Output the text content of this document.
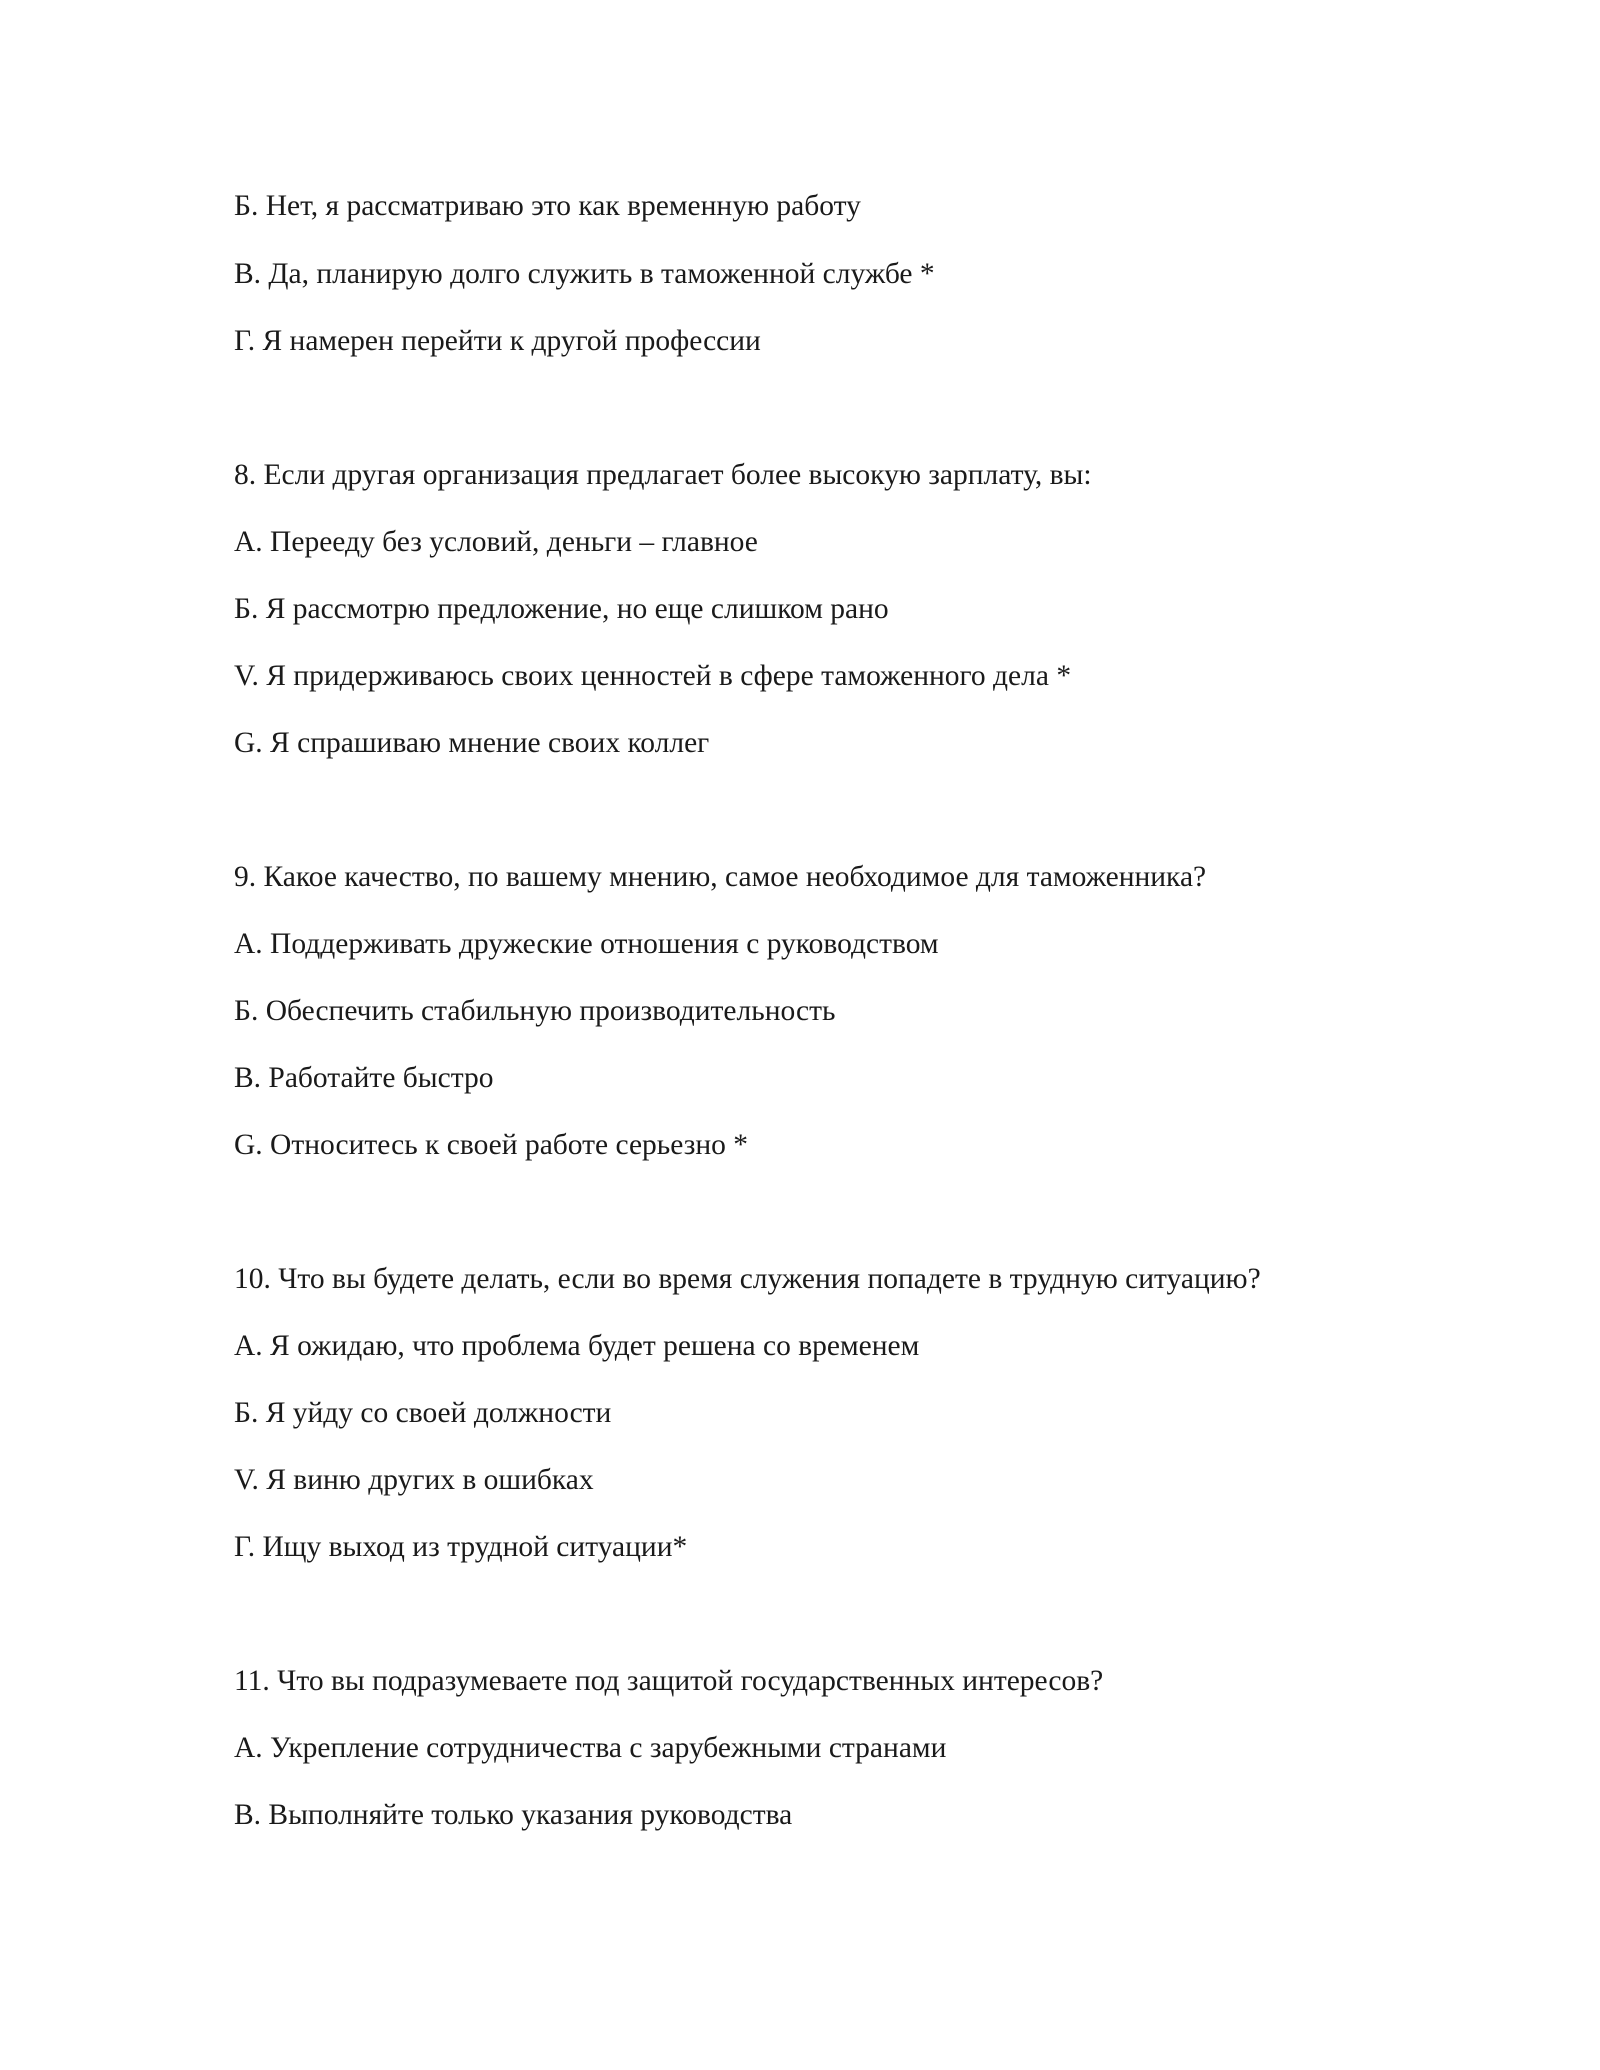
Б. Нет, я рассматриваю это как временную работу
В. Да, планирую долго служить в таможенной службе *
Г. Я намерен перейти к другой профессии
8. Если другая организация предлагает более высокую зарплату, вы:
А. Перееду без условий, деньги – главное
Б. Я рассмотрю предложение, но еще слишком рано
V. Я придерживаюсь своих ценностей в сфере таможенного дела *
G. Я спрашиваю мнение своих коллег
9. Какое качество, по вашему мнению, самое необходимое для таможенника?
А. Поддерживать дружеские отношения с руководством
Б. Обеспечить стабильную производительность
В. Работайте быстро
G. Относитесь к своей работе серьезно *
10. Что вы будете делать, если во время служения попадете в трудную ситуацию?
А. Я ожидаю, что проблема будет решена со временем
Б. Я уйду со своей должности
V. Я виню других в ошибках
Г. Ищу выход из трудной ситуации*
11. Что вы подразумеваете под защитой государственных интересов?
А. Укрепление сотрудничества с зарубежными странами
В. Выполняйте только указания руководства
